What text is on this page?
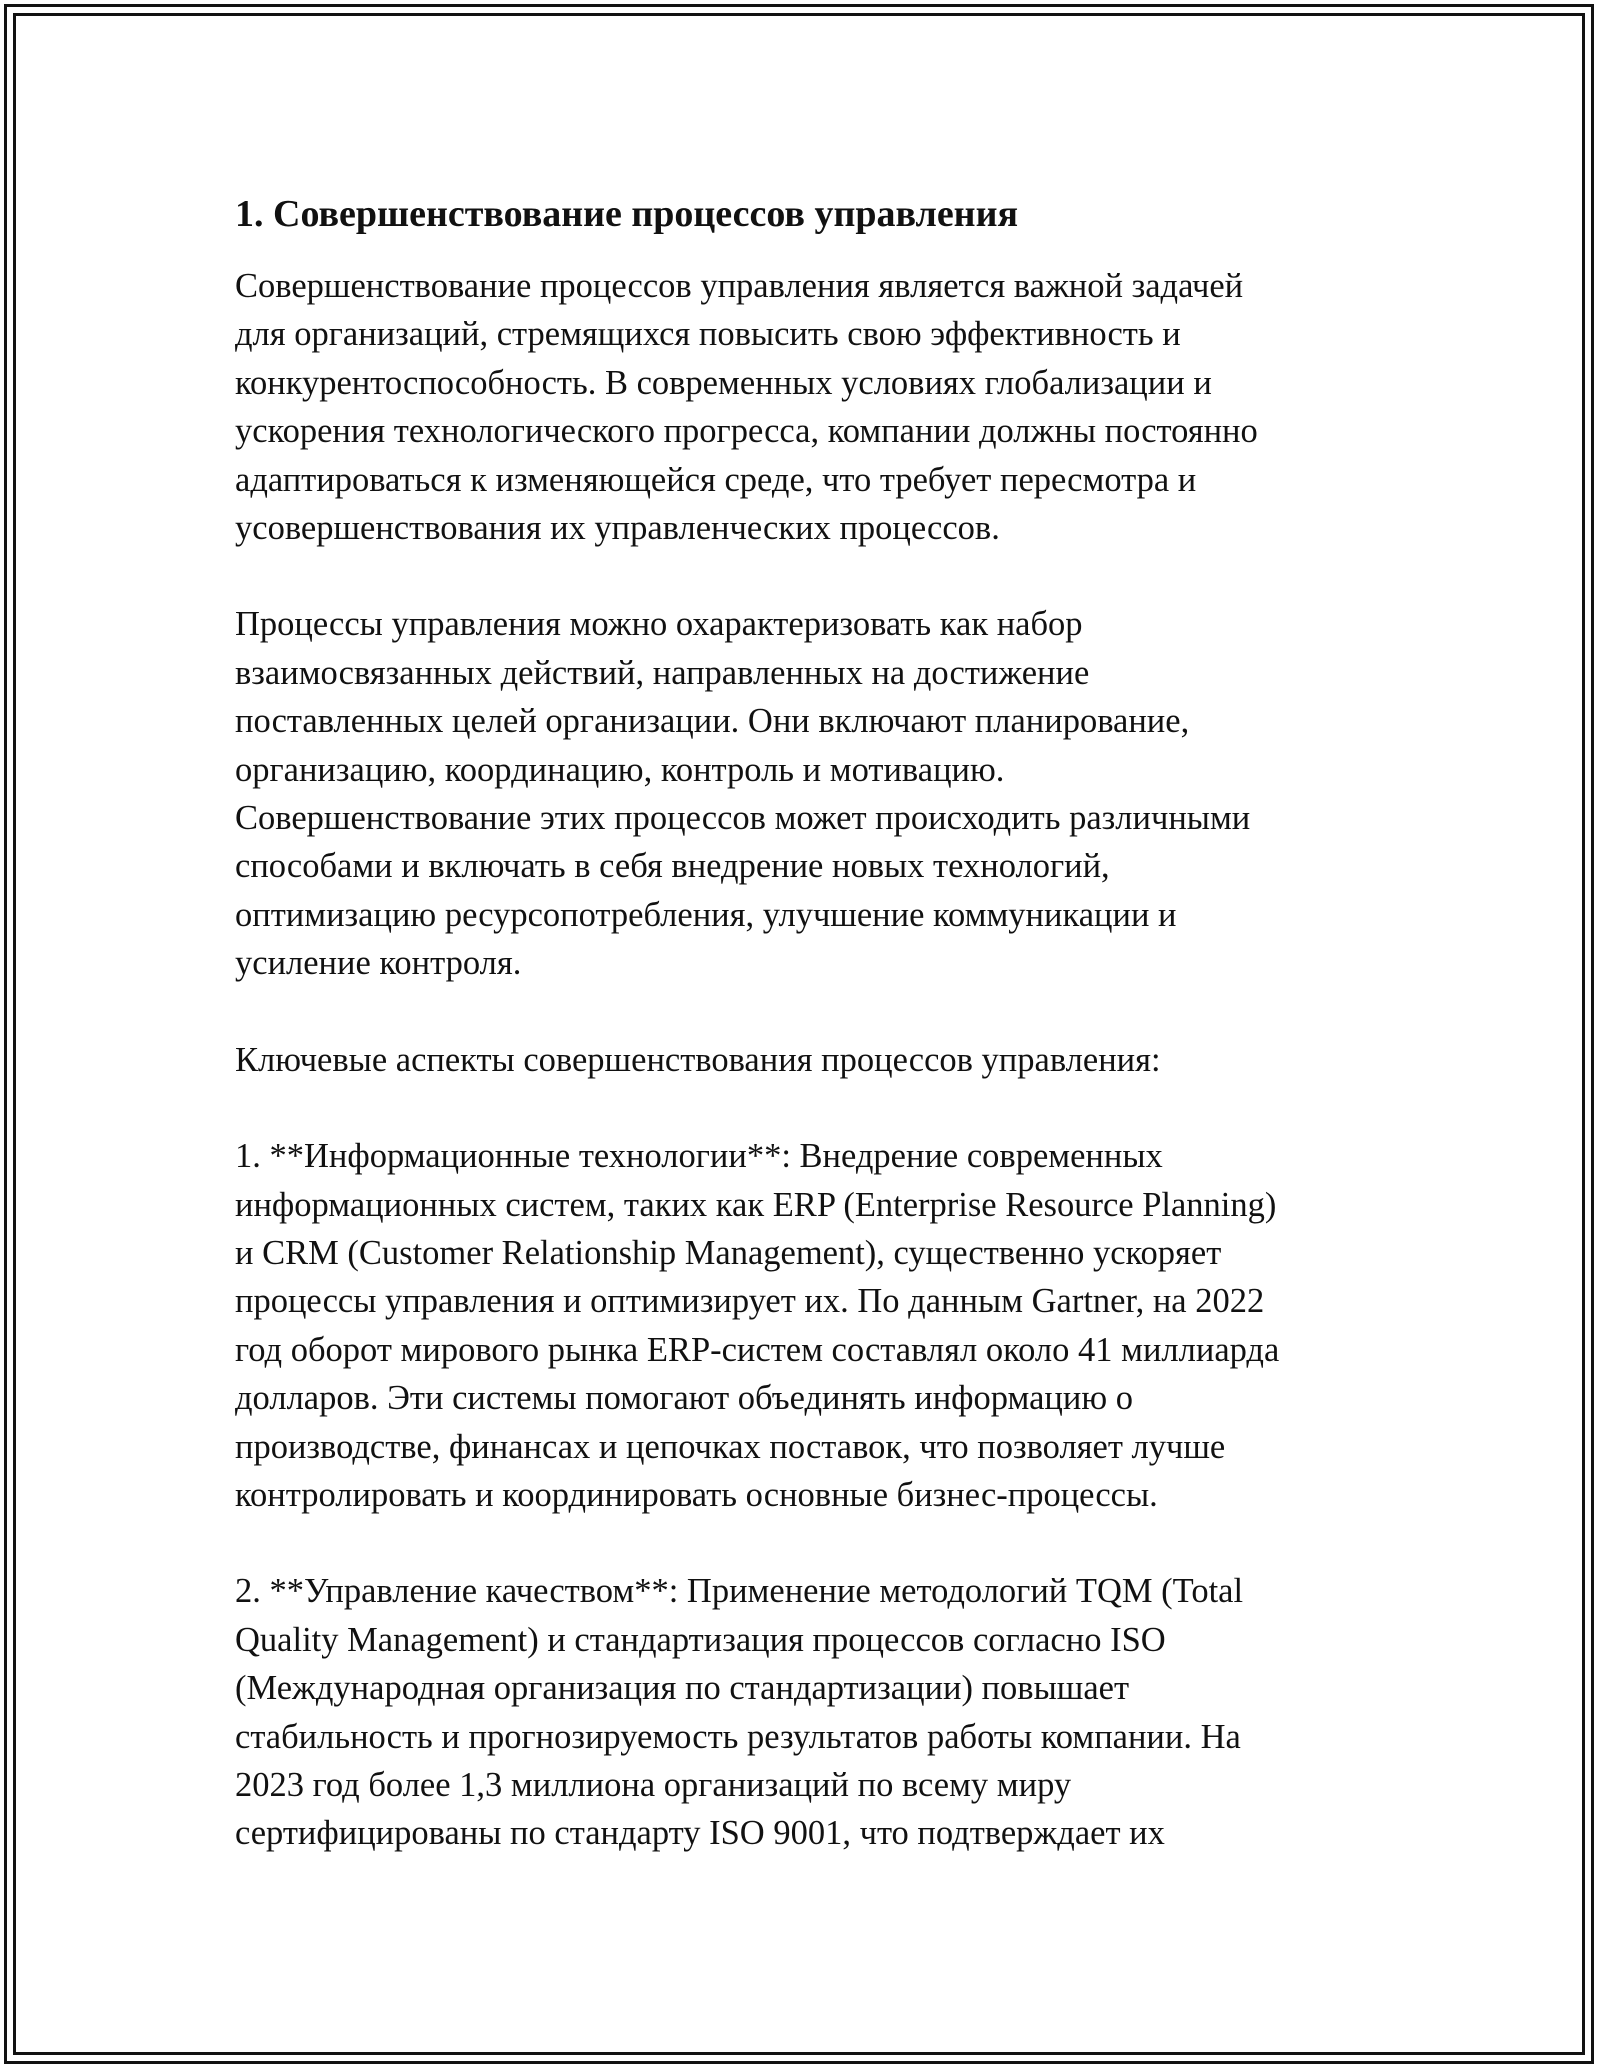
1. Совершенствование процессов управления
Совершенствование процессов управления является важной задачей
для организаций, стремящихся повысить свою эффективность и
конкурентоспособность. В современных условиях глобализации и
ускорения технологического прогресса, компании должны постоянно
адаптироваться к изменяющейся среде, что требует пересмотра и
усовершенствования их управленческих процессов.
Процессы управления можно охарактеризовать как набор
взаимосвязанных действий, направленных на достижение
поставленных целей организации. Они включают планирование,
организацию, координацию, контроль и мотивацию.
Совершенствование этих процессов может происходить различными
способами и включать в себя внедрение новых технологий,
оптимизацию ресурсопотребления, улучшение коммуникации и
усиление контроля.
Ключевые аспекты совершенствования процессов управления:
1. **Информационные технологии**: Внедрение современных
информационных систем, таких как ERP (Enterprise Resource Planning)
и CRM (Customer Relationship Management), существенно ускоряет
процессы управления и оптимизирует их. По данным Gartner, на 2022
год оборот мирового рынка ERP-систем составлял около 41 миллиарда
долларов. Эти системы помогают объединять информацию о
производстве, финансах и цепочках поставок, что позволяет лучше
контролировать и координировать основные бизнес-процессы.
2. **Управление качеством**: Применение методологий TQM (Total
Quality Management) и стандартизация процессов согласно ISO
(Международная организация по стандартизации) повышает
стабильность и прогнозируемость результатов работы компании. На
2023 год более 1,3 миллиона организаций по всему миру
сертифицированы по стандарту ISO 9001, что подтверждает их
